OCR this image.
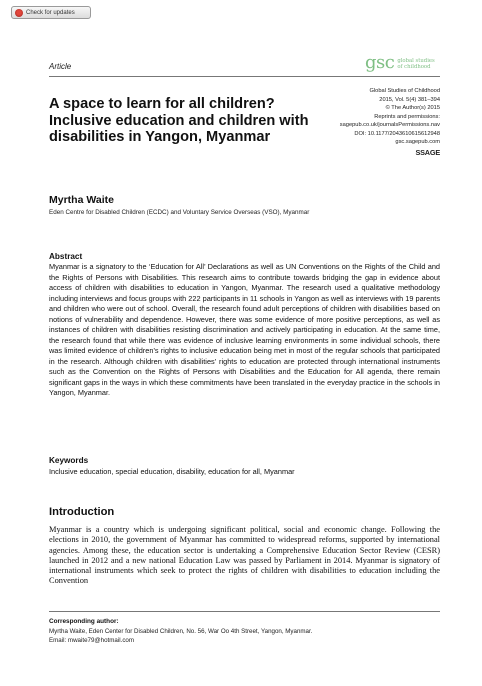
Check for updates
Article	gsc global studies of childhood
A space to learn for all children? Inclusive education and children with disabilities in Yangon, Myanmar
Global Studies of Childhood
2015, Vol. 5(4) 381–394
© The Author(s) 2015
Reprints and permissions:
sagepub.co.uk/journalsPermissions.nav
DOI: 10.1177/2043610615612948
gsc.sagepub.com
SSAGE
Myrtha Waite
Eden Centre for Disabled Children (ECDC) and Voluntary Service Overseas (VSO), Myanmar
Abstract
Myanmar is a signatory to the ‘Education for All’ Declarations as well as UN Conventions on the Rights of the Child and the Rights of Persons with Disabilities. This research aims to contribute towards bridging the gap in evidence about access of children with disabilities to education in Yangon, Myanmar. The research used a qualitative methodology including interviews and focus groups with 222 participants in 11 schools in Yangon as well as interviews with 19 parents and children who were out of school. Overall, the research found adult perceptions of children with disabilities based on notions of vulnerability and dependence. However, there was some evidence of more positive perceptions, as well as instances of children with disabilities resisting discrimination and actively participating in education. At the same time, the research found that while there was evidence of inclusive learning environments in some individual schools, there was limited evidence of children’s rights to inclusive education being met in most of the regular schools that participated in the research. Although children with disabilities’ rights to education are protected through international instruments such as the Convention on the Rights of Persons with Disabilities and the Education for All agenda, there remain significant gaps in the ways in which these commitments have been translated in the everyday practice in the schools in Yangon, Myanmar.
Keywords
Inclusive education, special education, disability, education for all, Myanmar
Introduction
Myanmar is a country which is undergoing significant political, social and economic change. Following the elections in 2010, the government of Myanmar has committed to widespread reforms, supported by international agencies. Among these, the education sector is undertaking a Comprehensive Education Sector Review (CESR) launched in 2012 and a new national Education Law was passed by Parliament in 2014. Myanmar is signatory of international instruments which seek to protect the rights of children with disabilities to education including the Convention
Corresponding author:
Myrtha Waite, Eden Center for Disabled Children, No. 56, War Oo 4th Street, Yangon, Myanmar.
Email: mwaite79@hotmail.com
